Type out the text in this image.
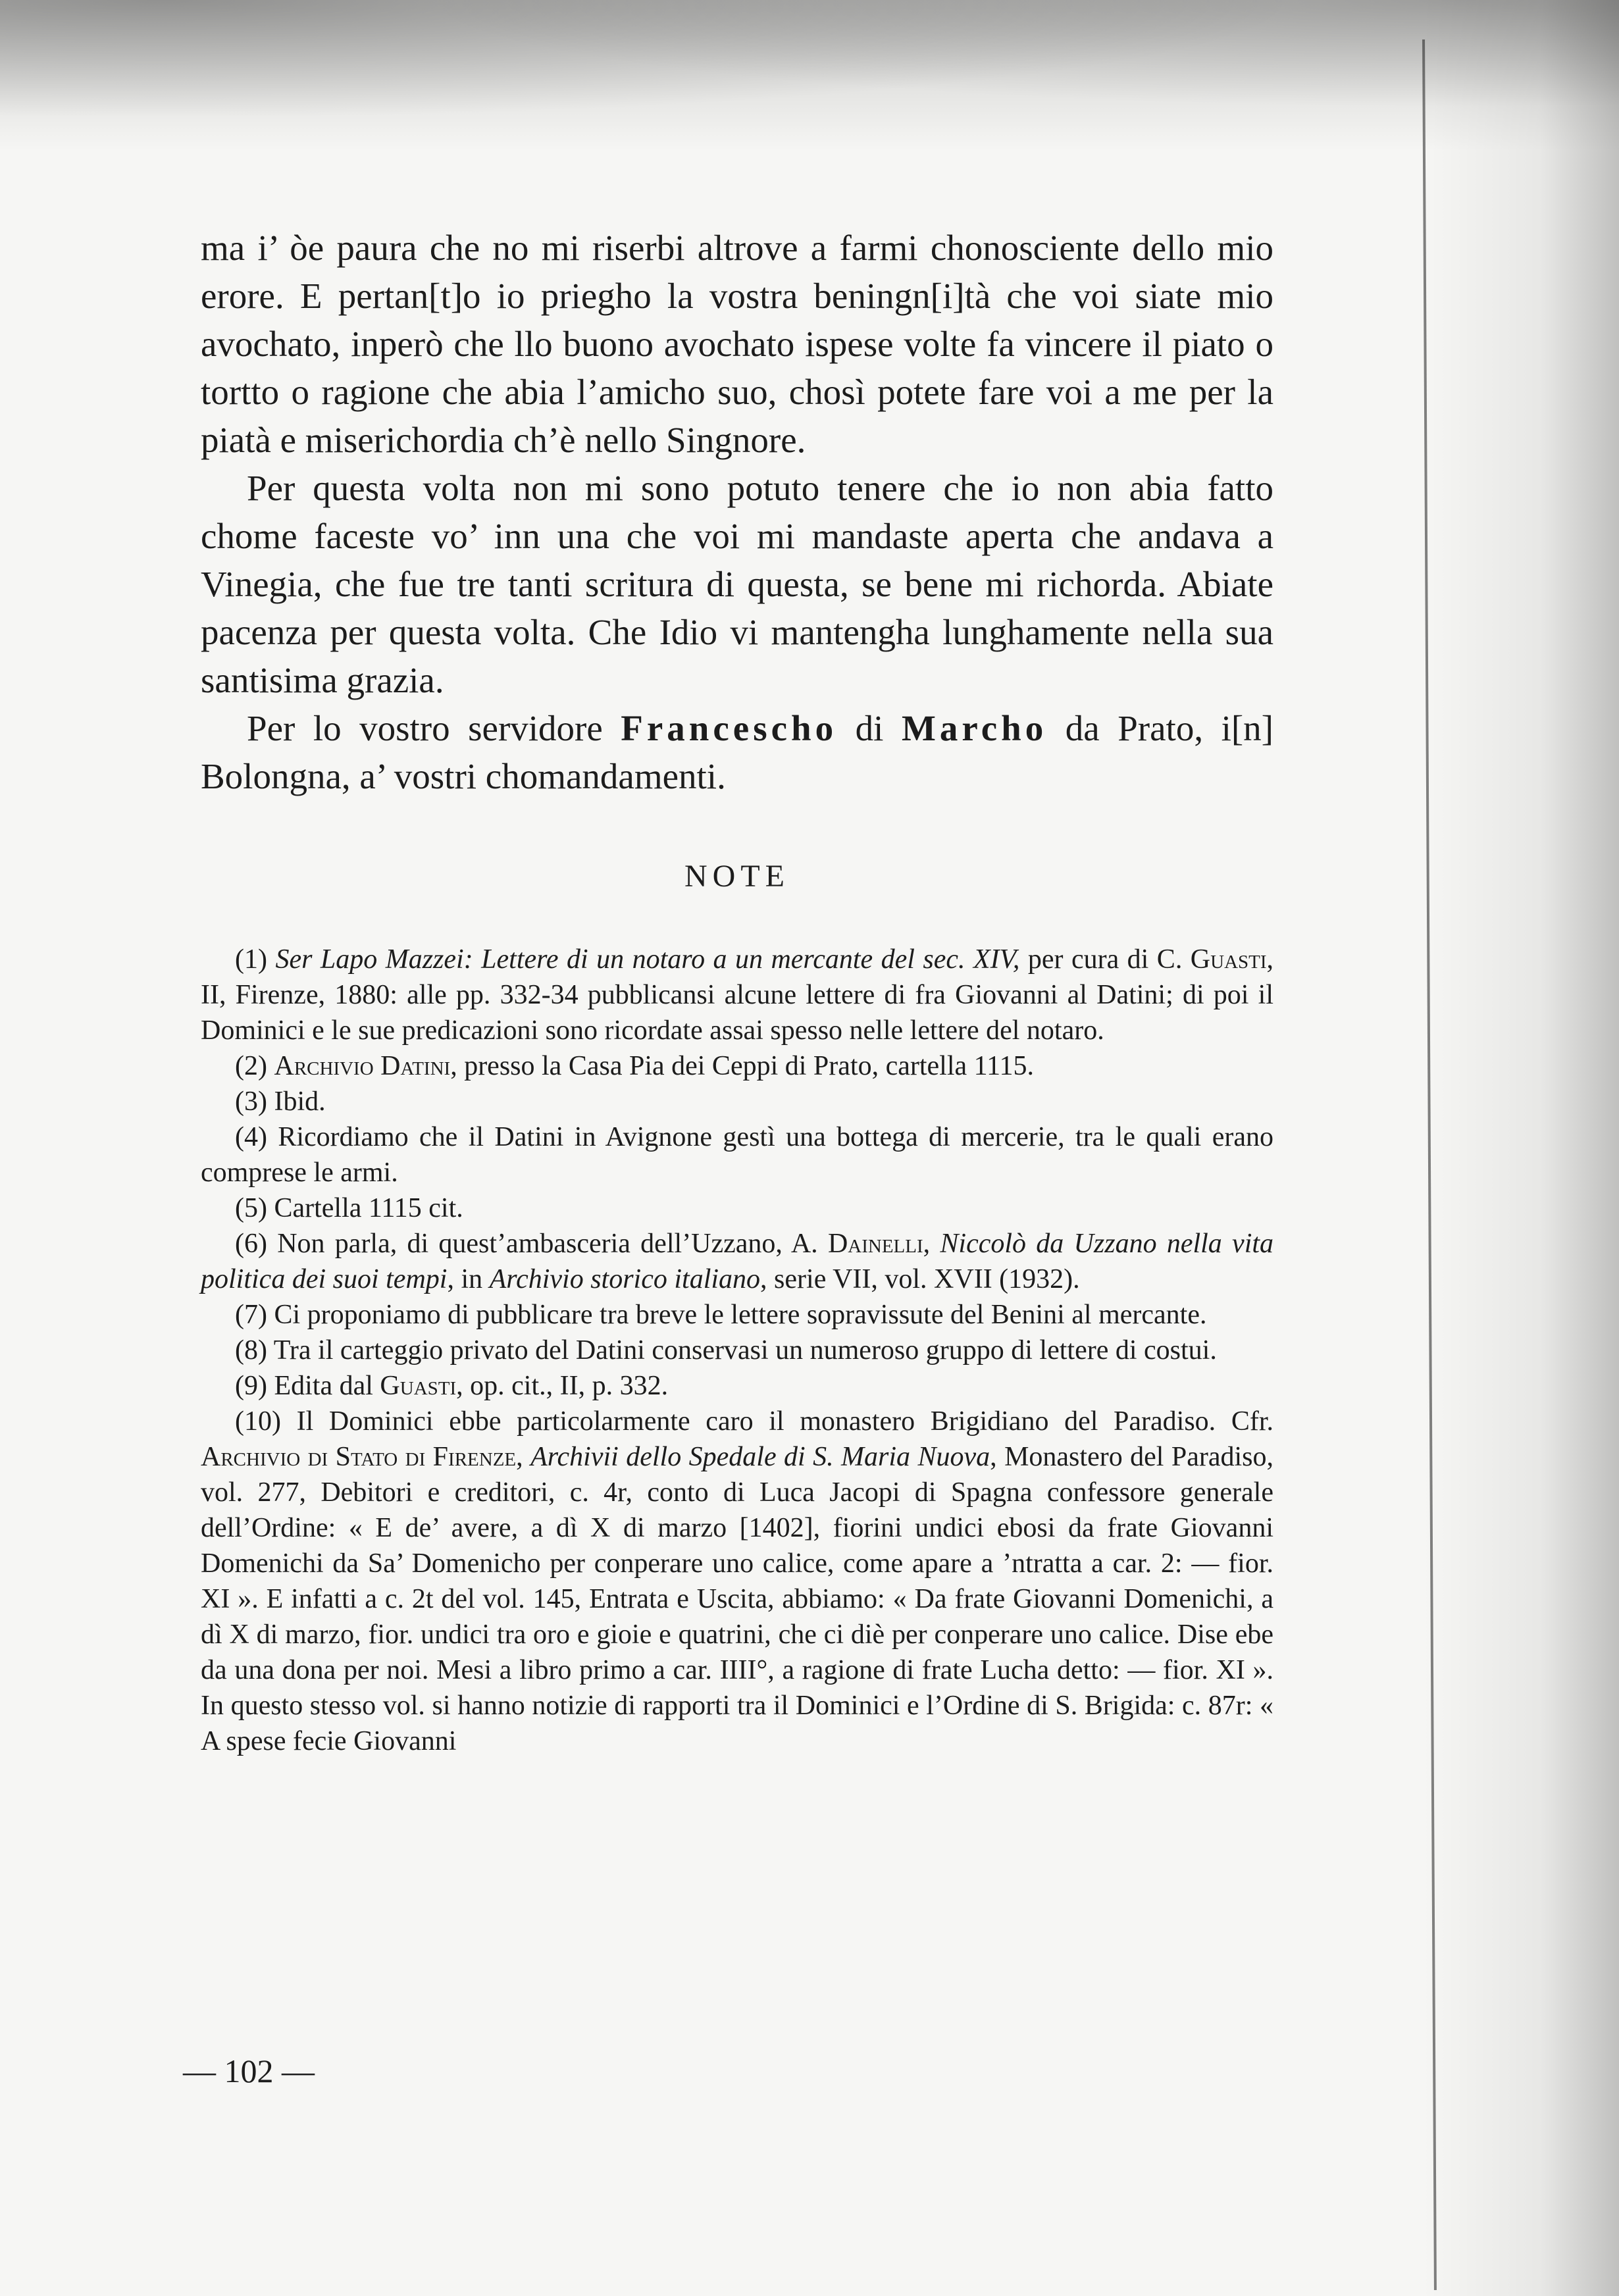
ma i’ òe paura che no mi riserbi altrove a farmi chonosciente dello mio erore. E pertan[t]o io priegho la vostra beningn[i]tà che voi siate mio avochato, inperò che llo buono avochato ispese volte fa vincere il piato o tortto o ragione che abia l’amicho suo, chosì potete fare voi a me per la piatà e miserichordia ch’è nello Singnore.

Per questa volta non mi sono potuto tenere che io non abia fatto chome faceste vo’ inn una che voi mi mandaste aperta che andava a Vinegia, che fue tre tanti scritura di questa, se bene mi richorda. Abiate pacenza per questa volta. Che Idio vi mantengha lunghamente nella sua santisima grazia.

Per lo vostro servidore Francescho di Marcho da Prato, i[n] Bolongna, a’ vostri chomandamenti.

NOTE

(1) Ser Lapo Mazzei: Lettere di un notaro a un mercante del sec. XIV, per cura di C. Guasti, II, Firenze, 1880: alle pp. 332-34 pubblicansi alcune lettere di fra Giovanni al Datini; di poi il Dominici e le sue predicazioni sono ricordate assai spesso nelle lettere del notaro.

(2) Archivio Datini, presso la Casa Pia dei Ceppi di Prato, cartella 1115.

(3) Ibid.

(4) Ricordiamo che il Datini in Avignone gestì una bottega di mercerie, tra le quali erano comprese le armi.

(5) Cartella 1115 cit.

(6) Non parla, di quest’ambasceria dell’Uzzano, A. Dainelli, Niccolò da Uzzano nella vita politica dei suoi tempi, in Archivio storico italiano, serie VII, vol. XVII (1932).

(7) Ci proponiamo di pubblicare tra breve le lettere sopravissute del Benini al mercante.

(8) Tra il carteggio privato del Datini conservasi un numeroso gruppo di lettere di costui.

(9) Edita dal Guasti, op. cit., II, p. 332.

(10) Il Dominici ebbe particolarmente caro il monastero Brigidiano del Paradiso. Cfr. Archivio di Stato di Firenze, Archivii dello Spedale di S. Maria Nuova, Monastero del Paradiso, vol. 277, Debitori e creditori, c. 4r, conto di Luca Jacopi di Spagna confessore generale dell’Ordine: « E de’ avere, a dì X di marzo [1402], fiorini undici ebosi da frate Giovanni Domenichi da Sa’ Domenicho per conperare uno calice, come apare a ’ntratta a car. 2: — fior. XI ». E infatti a c. 2t del vol. 145, Entrata e Uscita, abbiamo: « Da frate Giovanni Domenichi, a dì X di marzo, fior. undici tra oro e gioie e quatrini, che ci diè per conperare uno calice. Dise ebe da una dona per noi. Mesi a libro primo a car. IIII°, a ragione di frate Lucha detto: — fior. XI ». In questo stesso vol. si hanno notizie di rapporti tra il Dominici e l’Ordine di S. Brigida: c. 87r: « A spese fecie Giovanni

— 102 —
